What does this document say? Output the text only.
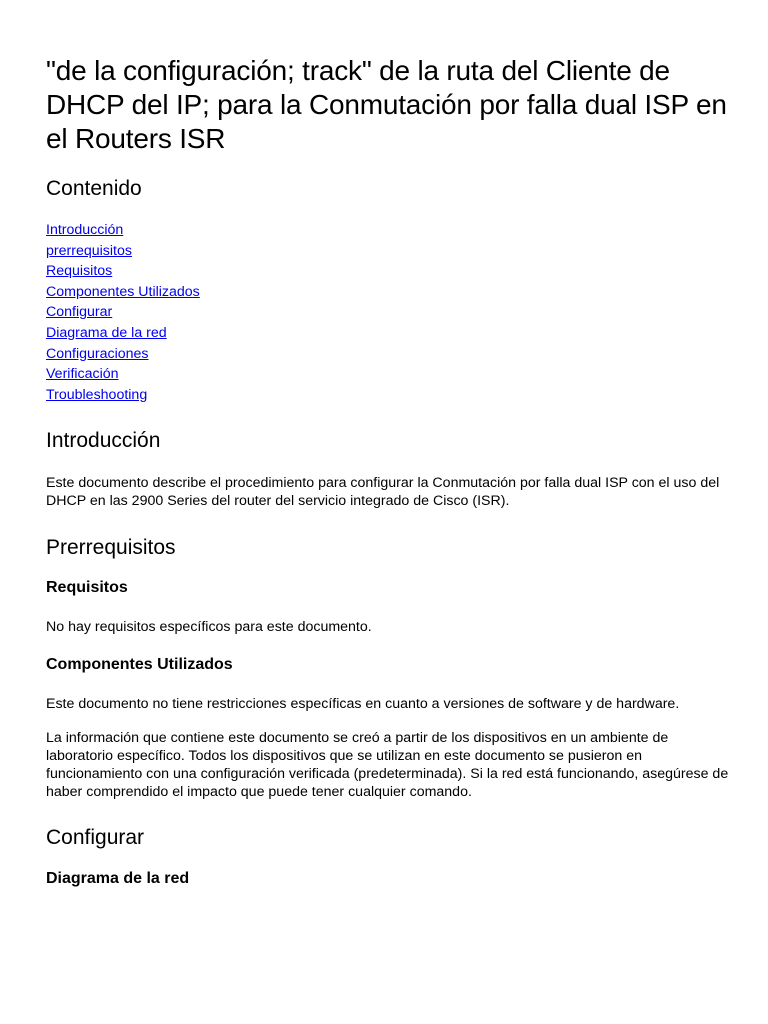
"de la configuración; track" de la ruta del Cliente de DHCP del IP; para la Conmutación por falla dual ISP en el Routers ISR
Contenido
Introducción
prerrequisitos
Requisitos
Componentes Utilizados
Configurar
Diagrama de la red
Configuraciones
Verificación
Troubleshooting
Introducción

Este documento describe el procedimiento para configurar la Conmutación por falla dual ISP con el uso del DHCP en las 2900 Series del router del servicio integrado de Cisco (ISR).

Prerrequisitos
Requisitos

No hay requisitos específicos para este documento.

Componentes Utilizados

Este documento no tiene restricciones específicas en cuanto a versiones de software y de hardware.

La información que contiene este documento se creó a partir de los dispositivos en un ambiente de laboratorio específico. Todos los dispositivos que se utilizan en este documento se pusieron en funcionamiento con una configuración verificada (predeterminada). Si la red está funcionando, asegúrese de haber comprendido el impacto que puede tener cualquier comando.

Configurar
Diagrama de la red
